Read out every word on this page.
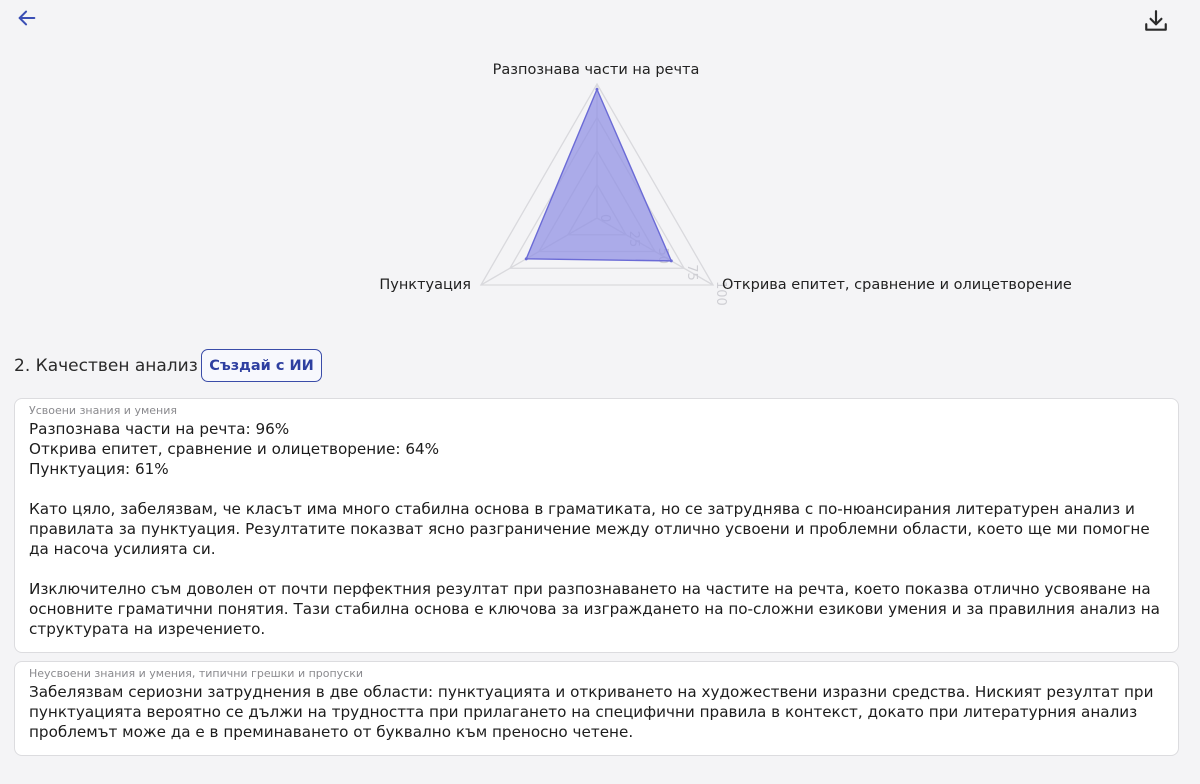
75
100
Разпознава части на речта
Открива епитет, сравнение и олицетворение
Пунктуация
2. Качествен анализ Създай с ИИ
Усвоени знания и умения
Разпознава части на речта: 96%
Открива епитет, сравнение и олицетворение: 64%
Пунктуация: 61%

Като цяло, забелязвам, че класът има много стабилна основа в граматиката, но се затруднява с по-нюансирания литературен анализ и правилата за пунктуация. Резултатите показват ясно разграничение между отлично усвоени и проблемни области, което ще ми помогне да насоча усилията си.

Изключително съм доволен от почти перфектния резултат при разпознаването на частите на речта, което показва отлично усвояване на основните граматични понятия. Тази стабилна основа е ключова за изграждането на по-сложни езикови умения и за правилния анализ на структурата на изречението.
Неусвоени знания и умения, типични грешки и пропуски
Забелязвам сериозни затруднения в две области: пунктуацията и откриването на художествени изразни средства. Ниският резултат при пунктуацията вероятно се дължи на трудността при прилагането на специфични правила в контекст, докато при литературния анализ проблемът може да е в преминаването от буквално към преносно четене.
